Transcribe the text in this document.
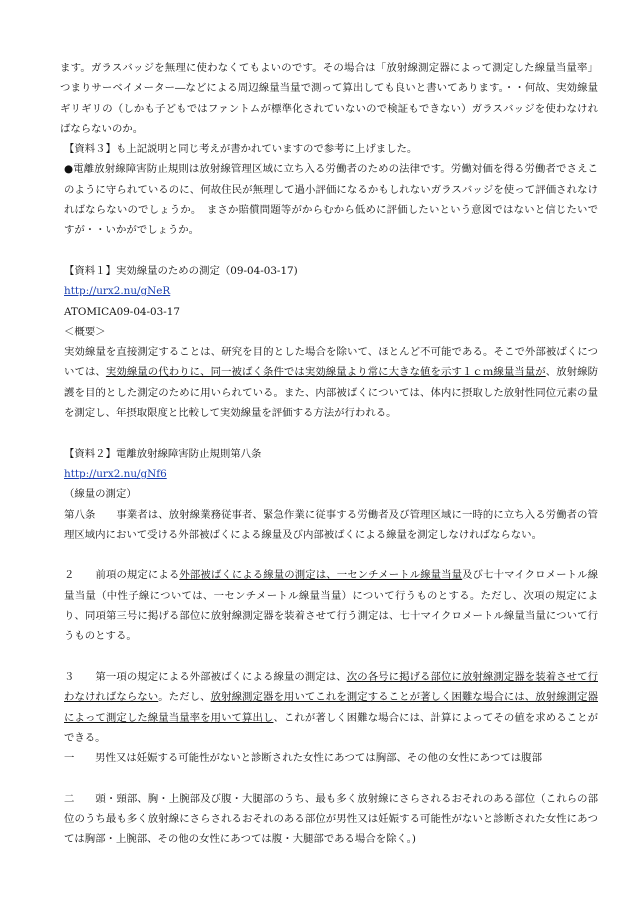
ます。ガラスバッジを無理に使わなくてもよいのです。その場合は「放射線測定器によって測定した線量当量率」つまりサーベイメーター―などによる周辺線量当量で測って算出しても良いと書いてあります。・・何故、実効線量ギリギリの（しかも子どもではファントムが標準化されていないので検証もできない）ガラスバッジを使わなければならないのか。

【資料３】も上記説明と同じ考えが書かれていますので参考に上げました。

●電離放射線障害防止規則は放射線管理区域に立ち入る労働者のための法律です。労働対価を得る労働者でさえこのように守られているのに、何故住民が無理して過小評価になるかもしれないガラスバッジを使って評価されなければならないのでしょうか。　まさか賠償問題等がからむから低めに評価したいという意図ではないと信じたいですが・・いかがでしょうか。

【資料１】実効線量のための測定（09-04-03-17)

http://urx2.nu/gNeR

ATOMICA09-04-03-17

＜概要＞

実効線量を直接測定することは、研究を目的とした場合を除いて、ほとんど不可能である。そこで外部被ばくについては、実効線量の代わりに、同一被ばく条件では実効線量より常に大きな値を示す１ｃｍ線量当量が、放射線防護を目的とした測定のために用いられている。また、内部被ばくについては、体内に摂取した放射性同位元素の量を測定し、年摂取限度と比較して実効線量を評価する方法が行われる。

【資料２】電離放射線障害防止規則第八条

http://urx2.nu/gNf6

（線量の測定）

第八条　　事業者は、放射線業務従事者、緊急作業に従事する労働者及び管理区域に一時的に立ち入る労働者の管理区域内において受ける外部被ばくによる線量及び内部被ばくによる線量を測定しなければならない。

２　　前項の規定による外部被ばくによる線量の測定は、一センチメートル線量当量及び七十マイクロメートル線量当量（中性子線については、一センチメートル線量当量）について行うものとする。ただし、次項の規定により、同項第三号に掲げる部位に放射線測定器を装着させて行う測定は、七十マイクロメートル線量当量について行うものとする。

３　　第一項の規定による外部被ばくによる線量の測定は、次の各号に掲げる部位に放射線測定器を装着させて行わなければならない。ただし、放射線測定器を用いてこれを測定することが著しく困難な場合には、放射線測定器によって測定した線量当量率を用いて算出し、これが著しく困難な場合には、計算によってその値を求めることができる。

一　　男性又は妊娠する可能性がないと診断された女性にあつては胸部、その他の女性にあつては腹部

二　　頭・頸部、胸・上腕部及び腹・大腿部のうち、最も多く放射線にさらされるおそれのある部位（これらの部位のうち最も多く放射線にさらされるおそれのある部位が男性又は妊娠する可能性がないと診断された女性にあつては胸部・上腕部、その他の女性にあつては腹・大腿部である場合を除く。)
